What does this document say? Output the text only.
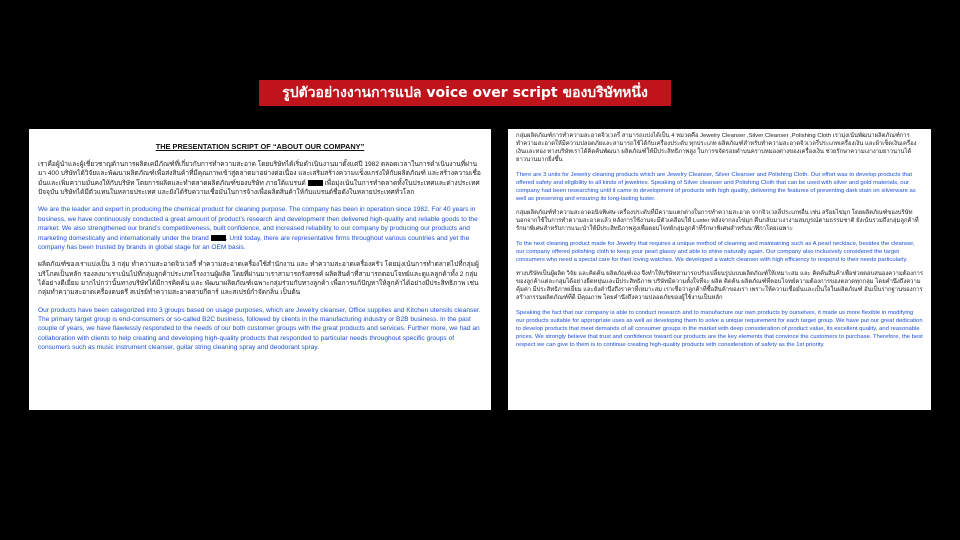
รูปตัวอย่างงานการแปล voice over script ของบริษัทหนึ่ง
THE PRESENTATION SCRIPT OF “ABOUT OUR COMPANY”

เราคือผู้นำและผู้เชี่ยวชาญด้านการผลิตเคมีภัณฑ์ที่เกี่ยวกับการทำความสะอาด โดยบริษัทได้เริ่มดำเนินงานมาตั้งแต่ปี 1982 ตลอดเวลาในการดำเนินงานที่ผ่านมา 400 บริษัทได้วิจัยและพัฒนาผลิตภัณฑ์เพื่อส่งสินค้าที่มีคุณภาพเข้าสู่ตลาดมาอย่างต่อเนื่อง และเสริมสร้างความแข็งแกร่งให้กับผลิตภัณฑ์ และสร้างความเชื่อมั่นและเพิ่มความมั่นคงให้กับบริษัท โดยการผลิตและทำตลาดผลิตภัณฑ์ของบริษัท ภายใต้แบรนด์	เพื่อมุ่งเน้นในการทำตลาดทั้งในประเทศและต่างประเทศ ปัจจุบัน บริษัทได้มีตัวแทนในหลายประเทศ และยังได้รับความเชื่อมั่นในการจ้างเพื่อผลิตสินค้าให้กับแบรนด์ชื่อดังในหลายประเทศทั่วโลก

We are the leader and expert in producing the chemical product for cleaning purpose. The company has been in operation since 1982. For 40 years in business, we have continuously conducted a great amount of product’s research and development then delivered high-quality and reliable goods to the market. We also strengthened our brand’s competitiveness, built confidence, and increased reliability to our company by producing our products and marketing domestically and internationally under the brand	. Until today, there are representative firms throughout various countries and yet the company has been trusted by brands in global stage for an OEM basis.

ผลิตภัณฑ์ของเราแบ่งเป็น 3 กลุ่ม ทำความสะอาดจิวเวลรี่ ทำความสะอาดเครื่องใช้สำนักงาน และ ทำความสะอาดเครื่องครัว โดยมุ่งเน้นการทำตลาดไปที่กลุ่มผู้บริโภคเป็นหลัก รองลงมาเราเน้นไปที่กลุ่มลูกค้าประเภทโรงงานผู้ผลิต โดยที่ผ่านมาเราสามารถรังสรรค์ ผลิตสินค้าที่สามารถตอบโจทย์และดูแลลูกค้าทั้ง 2 กลุ่ม ได้อย่างดีเยี่ยม มากไปกว่านั้นทางบริษัทได้มีการคิดค้น และ พัฒนาผลิตภัณฑ์เฉพาะกลุ่มร่วมกับทางลูกค้า เพื่อการแก้ปัญหาให้ลูกค้าได้อย่างมีประสิทธิภาพ เช่น กลุ่มทำความสะอาดเครื่องดนตรี สเปรย์ทำความสะอาดสายกีตาร์ และสเปรย์กำจัดกลิ่น เป็นต้น

Our products have been categorized into 3 groups based on usage purposes, which are Jewelry cleanser, Office supplies and Kitchen utensils cleanser. The primary target group is end-consumers or so-called B2C business, followed by clients in the manufacturing industry or B2B business. In the past couple of years, we have flawlessly responded to the needs of our both customer groups with the great products and services. Further more, we had an collaboration with clients to help creating and developing high-quality products that responded to particular needs throughout specific groups of consumers such as music instrument cleanser, guitar string cleaning spray and deodorant spray.

กลุ่มผลิตภัณฑ์การทำความสะอาดจิวเวลรี่ สามารถแบ่งได้เป็น 4 หมวดคือ Jewelry Cleanser ,Silver Cleanser ,Polishing Cloth เรามุ่งเน้นพัฒนาผลิตภัณฑ์การทำความสะอาดให้มีความปลอดภัยและสามารถใช้ได้กับเครื่องประดับ ทุกประเภท ผลิตภัณฑ์สำหรับทำความสะอาดจิวเวลรี่ประเภทเครื่องเงิน และผ้าเช็ดเงินเครื่องเงินและทอง ทางบริษัทเราได้คิดค้นพัฒนา ผลิตภัณฑ์ให้มีประสิทธิภาพสูง ในการขจัดรอยดำบนคราบหมองต่างของเครื่องเงิน ช่วยรักษาความเงางามยาวนานได้ยาวนานมากยิ่งขึ้น

There are 3 units for Jewelry cleaning products which are Jewelry Cleanser, Silver Cleanser and Polishing Cloth. Our effort was to develop products that offered safety and eligibility to all kinds of jewelries. Speaking of Silver cleanser and Polishing Cloth that can be used with silver and gold materials, our company had been researching until it came to development of products with high quality, delivering the features of preventing dark stain on silverware as well as preserving and ensuring its long-lasting luster.

กลุ่มผลิตภัณฑ์ทำความสะอาดอนิจพิเศษ เครื่องประดับที่มีความแตกต่างในการทำความสะอาด จากจิวเวลลี่ประเภทอื่น เช่น สร้อยไข่มุก โดยผลิตภัณฑ์ของบริษัท นอกจากใช้ในการทำความสะอาดแล้ว หลังการใช้งานจะมีตัวเคลือบให้ Luster หลังจากลงไข่มุก คืนกลับมาเงางามสมบูรณ์ตามธรรมชาติ ยังเน้นรวมถึงกลุ่มลูกค้าที่รักษาพิเศษสำหรับการแนะนำให้มีประสิทธิภาพสูงเพื่อตอบโจทย์กลุ่มลูกค้าที่รักษาพิเศษสำหรับนาฬิกาโดยเฉพาะ

To the next cleaning product made for Jewelry that requires a unique method of cleaning and maintaining such as A pearl necklace, besides the cleanser, our company offered polishing cloth to keep your pearl glassy and able to shine naturally again. Our company also inclusively considered the target consumers who need a special care for their loving watches. We developed a watch cleanser with high efficiency to respond to their needs particularly.

ทางบริษัทเป็นผู้ผลิต วิจัย และคิดค้น ผลิตภัณฑ์เอง จึงทำให้บริษัทสามารถปรับเปลี่ยนรูปแบบผลิตภัณฑ์ให้เหมาะสม และ คิดค้นสินค้าเพื่อช่วยตอบสนองความต้องการของลูกค้าแต่ละกลุ่มได้อย่างยืดหยุ่นและมีประสิทธิภาพ บริษัทมีความตั้งใจที่จะ ผลิต คิดค้น ผลิตภัณฑ์ที่ตอบโจทย์ความต้องการของตลาดทุกกลุ่ม โดยคำนึงถึงความคุ้มค่า มีประสิทธิภาพเยี่ยม และยังคำนึงถึงราคาที่เหมาะสม เราเชื่อว่าลูกค้าที่ซื้อสินค้าของเรา เพราะให้ความเชื่อมั่นและเป็นใจในผลิตภัณฑ์ อันเป็นรากฐานของการสร้างกรรมผลิตภัณฑ์ที่ดี มีคุณภาพ โดยคำนึงถึงความปลอดภัยของผู้ใช้งานเป็นหลัก

Speaking the fact that our company is able to conduct research and to manufacture our own products by ourselves, it made us more flexible in modifying our products suitable for appropriate uses as well as developing them to solve a unique requirement for each target group. We have put our great dedication to develop products that meet demands of all consumer groups in the market with deep consideration of product value, its excellent quality, and reasonable prices. We strongly believe that trust and confidence toward our products are the key elements that convince the customers to purchase. Therefore, the best respect we can give to them is to continue creating high-quality products with consideration of safety as the 1st priority.
